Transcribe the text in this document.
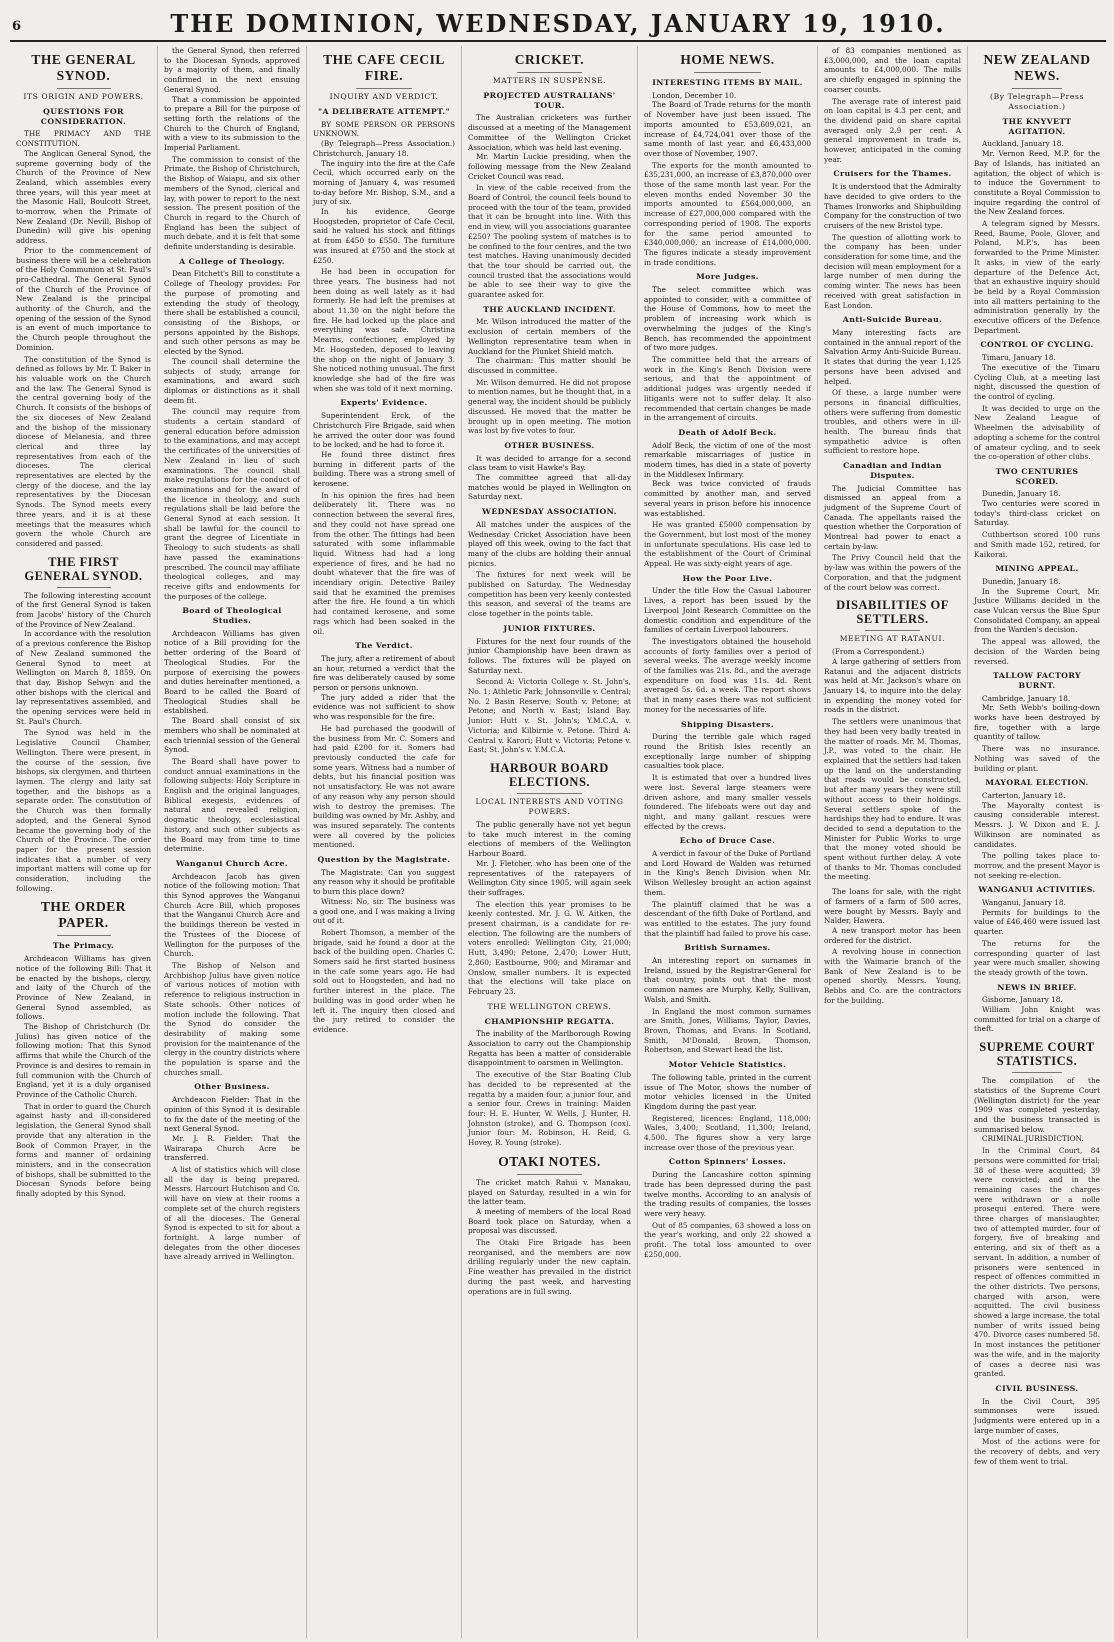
6	THE DOMINION, WEDNESDAY, JANUARY 19, 1910.
THE GENERAL SYNOD.
ITS ORIGIN AND POWERS.
QUESTIONS FOR CONSIDERATION.

THE PRIMACY AND THE CONSTITUTION.

The Anglican General Synod, the supreme governing body of the Church of the Province of New Zealand, which assembles every three years, will this year meet at the Masonic Hall, Boulcott Street, to-morrow, when the Primate of New Zealand (Dr. Nevill, Bishop of Dunedin) will give his opening address.

Prior to the commencement of business there will be a celebration of the Holy Communion at St. Paul's pro-Cathedral. The General Synod of the Church of the Province of New Zealand is the principal authority of the Church, and the opening of the session of the Synod is an event of much importance to the Church people throughout the Dominion.

The constitution of the Synod is defined as follows by Mr. T. Baker in his valuable work on the Church and the law. The General Synod is the central governing body of the Church. It consists of the bishops of the six dioceses of New Zealand and the bishop of the missionary diocese of Melanesia, and three clerical and three lay representatives from each of the dioceses. The clerical representatives are elected by the clergy of the diocese, and the lay representatives by the Diocesan Synods. The Synod meets every three years, and it is at these meetings that the measures which govern the whole Church are considered and passed.

THE FIRST GENERAL SYNOD.

The following interesting account of the first General Synod is taken from Jacobs' history of the Church of the Province of New Zealand.

In accordance with the resolution of a previous conference the Bishop of New Zealand summoned the General Synod to meet at Wellington on March 8, 1859. On that day, Bishop Selwyn and the other bishops with the clerical and lay representatives assembled, and the opening services were held in St. Paul's Church.

The Synod was held in the Legislative Council Chamber, Wellington. There were present, in the course of the session, five bishops, six clergymen, and thirteen laymen. The clergy and laity sat together, and the bishops as a separate order. The constitution of the Church was then formally adopted, and the General Synod became the governing body of the Church of the Province. The order paper for the present session indicates that a number of very important matters will come up for consideration, including the following.

THE ORDER PAPER.
The Primacy.

Archdeacon Williams has given notice of the following Bill: That it be enacted by the bishops, clergy, and laity of the Church of the Province of New Zealand, in General Synod assembled, as follows.

The Bishop of Christchurch (Dr. Julius) has given notice of the following motion: That this Synod affirms that while the Church of the Province is and desires to remain in full communion with the Church of England, yet it is a duly organised Province of the Catholic Church.

That in order to guard the Church against hasty and ill-considered legislation, the General Synod shall provide that any alteration in the Book of Common Prayer, in the forms and manner of ordaining ministers, and in the consecration of bishops, shall be submitted to the Diocesan Synods before being finally adopted by this Synod.

the General Synod, then referred to the Diocesan Synods, approved by a majority of them, and finally confirmed in the next ensuing General Synod.

That a commission be appointed to prepare a Bill for the purpose of setting forth the relations of the Church to the Church of England, with a view to its submission to the Imperial Parliament.

The commission to consist of the Primate, the Bishop of Christchurch, the Bishop of Waiapu, and six other members of the Synod, clerical and lay, with power to report to the next session. The present position of the Church in regard to the Church of England has been the subject of much debate, and it is felt that some definite understanding is desirable.

A College of Theology.

Dean Fitchett's Bill to constitute a College of Theology provides: For the purpose of promoting and extending the study of theology, there shall be established a council, consisting of the Bishops, or persons appointed by the Bishops, and such other persons as may be elected by the Synod.

The council shall determine the subjects of study, arrange for examinations, and award such diplomas or distinctions as it shall deem fit.

The council may require from students a certain standard of general education before admission to the examinations, and may accept the certificates of the universities of New Zealand in lieu of such examinations. The council shall make regulations for the conduct of examinations and for the award of the licence in theology, and such regulations shall be laid before the General Synod at each session. It shall be lawful for the council to grant the degree of Licentiate in Theology to such students as shall have passed the examinations prescribed. The council may affiliate theological colleges, and may receive gifts and endowments for the purposes of the college.

Board of Theological Studies.

Archdeacon Williams has given notice of a Bill providing for the better ordering of the Board of Theological Studies. For the purpose of exercising the powers and duties hereinafter mentioned, a Board to be called the Board of Theological Studies shall be established.

The Board shall consist of six members who shall be nominated at each triennial session of the General Synod.

The Board shall have power to conduct annual examinations in the following subjects: Holy Scripture in English and the original languages, Biblical exegesis, evidences of natural and revealed religion, dogmatic theology, ecclesiastical history, and such other subjects as the Board may from time to time determine.

Wanganui Church Acre.

Archdeacon Jacob has given notice of the following motion: That this Synod approves the Wanganui Church Acre Bill, which proposes that the Wanganui Church Acre and the buildings thereon be vested in the Trustees of the Diocese of Wellington for the purposes of the Church.

The Bishop of Nelson and Archbishop Julius have given notice of various notices of motion with reference to religious instruction in State schools. Other notices of motion include the following. That the Synod do consider the desirability of making some provision for the maintenance of the clergy in the country districts where the population is sparse and the churches small.

Other Business.

Archdeacon Fielder: That in the opinion of this Synod it is desirable to fix the date of the meeting of the next General Synod.

Mr. J. R. Fielder: That the Wairarapa Church Acre be transferred.

A list of statistics which will close all the day is being prepared. Messrs. Harcourt Hutchison and Co. will have on view at their rooms a complete set of the church registers of all the dioceses. The General Synod is expected to sit for about a fortnight. A large number of delegates from the other dioceses have already arrived in Wellington.

THE CAFE CECIL FIRE.
INQUIRY AND VERDICT.
"A DELIBERATE ATTEMPT."

BY SOME PERSON OR PERSONS UNKNOWN.

(By Telegraph—Press Association.) Christchurch, January 18.

The inquiry into the fire at the Cafe Cecil, which occurred early on the morning of January 4, was resumed to-day before Mr. Bishop, S.M., and a jury of six.

In his evidence, George Hoogsteden, proprietor of Cafe Cecil, said he valued his stock and fittings at from £450 to £550. The furniture was insured at £750 and the stock at £250.

He had been in occupation for three years. The business had not been doing as well lately as it had formerly. He had left the premises at about 11.30 on the night before the fire. He had locked up the place and everything was safe. Christina Mearns, confectioner, employed by Mr. Hoogsteden, deposed to leaving the shop on the night of January 3. She noticed nothing unusual. The first knowledge she had of the fire was when she was told of it next morning.

Experts' Evidence.

Superintendent Erck, of the Christchurch Fire Brigade, said when he arrived the outer door was found to be locked, and he had to force it.

He found three distinct fires burning in different parts of the building. There was a strong smell of kerosene.

In his opinion the fires had been deliberately lit. There was no connection between the several fires, and they could not have spread one from the other. The fittings had been saturated with some inflammable liquid. Witness had had a long experience of fires, and he had no doubt whatever that the fire was of incendiary origin. Detective Bailey said that he examined the premises after the fire. He found a tin which had contained kerosene, and some rags which had been soaked in the oil.

The Verdict.

The jury, after a retirement of about an hour, returned a verdict that the fire was deliberately caused by some person or persons unknown.

The jury added a rider that the evidence was not sufficient to show who was responsible for the fire.

He had purchased the goodwill of the business from Mr. C. Somers and had paid £200 for it. Somers had previously conducted the cafe for some years. Witness had a number of debts, but his financial position was not unsatisfactory. He was not aware of any reason why any person should wish to destroy the premises. The building was owned by Mr. Ashby, and was insured separately. The contents were all covered by the policies mentioned.

Question by the Magistrate.

The Magistrate: Can you suggest any reason why it should be profitable to burn this place down?

Witness: No, sir. The business was a good one, and I was making a living out of it.

Robert Thomson, a member of the brigade, said he found a door at the back of the building open. Charles C. Somers said he first started business in the cafe some years ago. He had sold out to Hoogsteden, and had no further interest in the place. The building was in good order when he left it. The inquiry then closed and the jury retired to consider the evidence.

CRICKET.
MATTERS IN SUSPENSE.
PROJECTED AUSTRALIANS' TOUR.

The Australian cricketers was further discussed at a meeting of the Management Committee of the Wellington Cricket Association, which was held last evening.

Mr. Martin Luckie presiding, when the following message from the New Zealand Cricket Council was read.

In view of the cable received from the Board of Control, the council feels bound to proceed with the tour of the team, provided that it can be brought into line. With this end in view, will you associations guarantee £250? The pooling system of matches is to be confined to the four centres, and the two test matches. Having unanimously decided that the tour should be carried out, the council trusted that the associations would be able to see their way to give the guarantee asked for.

THE AUCKLAND INCIDENT.

Mr. Wilson introduced the matter of the exclusion of certain members of the Wellington representative team when in Auckland for the Plunket Shield match.

The chairman: This matter should be discussed in committee.

Mr. Wilson demurred. He did not propose to mention names, but he thought that, in a general way, the incident should be publicly discussed. He moved that the matter be brought up in open meeting. The motion was lost by five votes to four.

OTHER BUSINESS.

It was decided to arrange for a second class team to visit Hawke's Bay.

The committee agreed that all-day matches would be played in Wellington on Saturday next.

WEDNESDAY ASSOCIATION.

All matches under the auspices of the Wednesday Cricket Association have been played off this week, owing to the fact that many of the clubs are holding their annual picnics.

The fixtures for next week will be published on Saturday. The Wednesday competition has been very keenly contested this season, and several of the teams are close together in the points table.

JUNIOR FIXTURES.

Fixtures for the next four rounds of the junior Championship have been drawn as follows. The fixtures will be played on Saturday next.

Second A: Victoria College v. St. John's, No. 1; Athletic Park; Johnsonville v. Central; No. 2 Basin Reserve; South v. Petone; at Petone; and North v. East; Island Bay. Junior: Hutt v. St. John's; Y.M.C.A. v. Victoria; and Kilbirnie v. Petone. Third A: Central v. Karori; Hutt v. Victoria; Petone v. East; St. John's v. Y.M.C.A.

HARBOUR BOARD ELECTIONS.
LOCAL INTERESTS AND VOTING POWERS.

The public generally have not yet begun to take much interest in the coming elections of members of the Wellington Harbour Board.

Mr. J. Fletcher, who has been one of the representatives of the ratepayers of Wellington City since 1905, will again seek their suffrages.

The election this year promises to be keenly contested. Mr. J. G. W. Aitken, the present chairman, is a candidate for re-election. The following are the numbers of voters enrolled: Wellington City, 21,000; Hutt, 3,490; Petone, 2,470; Lower Hutt, 2,860; Eastbourne, 900; and Miramar and Onslow, smaller numbers. It is expected that the elections will take place on February 23.

THE WELLINGTON CREWS.
CHAMPIONSHIP REGATTA.

The inability of the Marlborough Rowing Association to carry out the Championship Regatta has been a matter of considerable disappointment to oarsmen in Wellington.

The executive of the Star Boating Club has decided to be represented at the regatta by a maiden four, a junior four, and a senior four. Crews in training: Maiden four: H. E. Hunter, W. Wells, J. Hunter, H. Johnston (stroke), and G. Thompson (cox). Junior four: M. Robinson, H. Reid, G. Hovey, R. Young (stroke).

OTAKI NOTES.

The cricket match Rahui v. Manakau, played on Saturday, resulted in a win for the latter team.

A meeting of members of the local Road Board took place on Saturday, when a proposal was discussed.

The Otaki Fire Brigade has been reorganised, and the members are now drilling regularly under the new captain. Fine weather has prevailed in the district during the past week, and harvesting operations are in full swing.

HOME NEWS.
INTERESTING ITEMS BY MAIL.

London, December 10.

The Board of Trade returns for the month of November have just been issued. The imports amounted to £53,609,021, an increase of £4,724,041 over those of the same month of last year, and £6,433,000 over those of November, 1907.

The exports for the month amounted to £35,231,000, an increase of £3,870,000 over those of the same month last year. For the eleven months ended November 30 the imports amounted to £564,000,000, an increase of £27,000,000 compared with the corresponding period of 1908. The exports for the same period amounted to £340,000,000, an increase of £14,000,000. The figures indicate a steady improvement in trade conditions.

More Judges.

The select committee which was appointed to consider, with a committee of the House of Commons, how to meet the problem of increasing work which is overwhelming the judges of the King's Bench, has recommended the appointment of two more judges.

The committee held that the arrears of work in the King's Bench Division were serious, and that the appointment of additional judges was urgently needed if litigants were not to suffer delay. It also recommended that certain changes be made in the arrangement of circuits.

Death of Adolf Beck.

Adolf Beck, the victim of one of the most remarkable miscarriages of justice in modern times, has died in a state of poverty in the Middlesex Infirmary.

Beck was twice convicted of frauds committed by another man, and served several years in prison before his innocence was established.

He was granted £5000 compensation by the Government, but lost most of the money in unfortunate speculations. His case led to the establishment of the Court of Criminal Appeal. He was sixty-eight years of age.

How the Poor Live.

Under the title How the Casual Labourer Lives, a report has been issued by the Liverpool Joint Research Committee on the domestic condition and expenditure of the families of certain Liverpool labourers.

The investigators obtained the household accounts of forty families over a period of several weeks. The average weekly income of the families was 21s. 8d., and the average expenditure on food was 11s. 4d. Rent averaged 5s. 6d. a week. The report shows that in many cases there was not sufficient money for the necessaries of life.

Shipping Disasters.

During the terrible gale which raged round the British Isles recently an exceptionally large number of shipping casualties took place.

It is estimated that over a hundred lives were lost. Several large steamers were driven ashore, and many smaller vessels foundered. The lifeboats were out day and night, and many gallant rescues were effected by the crews.

Echo of Druce Case.

A verdict in favour of the Duke of Portland and Lord Howard de Walden was returned in the King's Bench Division when Mr. Wilson Wellesley brought an action against them.

The plaintiff claimed that he was a descendant of the fifth Duke of Portland, and was entitled to the estates. The jury found that the plaintiff had failed to prove his case.

British Surnames.

An interesting report on surnames in Ireland, issued by the Registrar-General for that country, points out that the most common names are Murphy, Kelly, Sullivan, Walsh, and Smith.

In England the most common surnames are Smith, Jones, Williams, Taylor, Davies, Brown, Thomas, and Evans. In Scotland, Smith, M'Donald, Brown, Thomson, Robertson, and Stewart head the list.

Motor Vehicle Statistics.

The following table, printed in the current issue of The Motor, shows the number of motor vehicles licensed in the United Kingdom during the past year.

Registered, licences: England, 118,000; Wales, 3,400; Scotland, 11,300; Ireland, 4,500. The figures show a very large increase over those of the previous year.

Cotton Spinners' Losses.

During the Lancashire cotton spinning trade has been depressed during the past twelve months. According to an analysis of the trading results of companies, the losses were very heavy.

Out of 85 companies, 63 showed a loss on the year's working, and only 22 showed a profit. The total loss amounted to over £250,000.

of 83 companies mentioned as £3,000,000, and the loan capital amounts to £4,000,000. The mills are chiefly engaged in spinning the coarser counts.

The average rate of interest paid on loan capital is 4.3 per cent, and the dividend paid on share capital averaged only 2.9 per cent. A general improvement in trade is, however, anticipated in the coming year.

Cruisers for the Thames.

It is understood that the Admiralty have decided to give orders to the Thames Ironworks and Shipbuilding Company for the construction of two cruisers of the new Bristol type.

The question of allotting work to the company has been under consideration for some time, and the decision will mean employment for a large number of men during the coming winter. The news has been received with great satisfaction in East London.

Anti-Suicide Bureau.

Many interesting facts are contained in the annual report of the Salvation Army Anti-Suicide Bureau. It states that during the year 1,125 persons have been advised and helped.

Of these, a large number were persons in financial difficulties, others were suffering from domestic troubles, and others were in ill-health. The bureau finds that sympathetic advice is often sufficient to restore hope.

Canadian and Indian Disputes.

The Judicial Committee has dismissed an appeal from a judgment of the Supreme Court of Canada. The appellants raised the question whether the Corporation of Montreal had power to enact a certain by-law.

The Privy Council held that the by-law was within the powers of the Corporation, and that the judgment of the court below was correct.

DISABILITIES OF SETTLERS.
MEETING AT RATANUI.

(From a Correspondent.)

A large gathering of settlers from Ratanui and the adjacent districts was held at Mr. Jackson's whare on January 14, to inquire into the delay in expending the money voted for roads in the district.

The settlers were unanimous that they had been very badly treated in the matter of roads. Mr. M. Thomas, J.P., was voted to the chair. He explained that the settlers had taken up the land on the understanding that roads would be constructed, but after many years they were still without access to their holdings. Several settlers spoke of the hardships they had to endure. It was decided to send a deputation to the Minister for Public Works to urge that the money voted should be spent without further delay. A vote of thanks to Mr. Thomas concluded the meeting.

The loans for sale, with the right of farmers of a farm of 500 acres, were bought by Messrs. Bayly and Nalder, Hawera.

A new transport motor has been ordered for the district.

A revolving house in connection with the Waimarie branch of the Bank of New Zealand is to be opened shortly. Messrs. Young, Bebbs and Co. are the contractors for the building.

NEW ZEALAND NEWS.
(By Telegraph—Press Association.)
THE KNYVETT AGITATION.

Auckland, January 18.

Mr. Vernon Reed, M.P. for the Bay of Islands, has initiated an agitation, the object of which is to induce the Government to constitute a Royal Commission to inquire regarding the control of the New Zealand forces.

A telegram signed by Messrs. Reed, Baume, Poole, Glover, and Poland, M.P.'s, has been forwarded to the Prime Minister. It asks, in view of the early departure of the Defence Act, that an exhaustive inquiry should be held by a Royal Commission into all matters pertaining to the administration generally by the executive officers of the Defence Department.

CONTROL OF CYCLING.

Timaru, January 18.

The executive of the Timaru Cycling Club, at a meeting last night, discussed the question of the control of cycling.

It was decided to urge on the New Zealand League of Wheelmen the advisability of adopting a scheme for the control of amateur cycling, and to seek the co-operation of other clubs.

TWO CENTURIES SCORED.

Dunedin, January 18.

Two centuries were scored in today's third-class cricket on Saturday.

Cuthbertson scored 100 runs and Smith made 152, retired, for Kaikorai.

MINING APPEAL.

Dunedin, January 18.

In the Supreme Court, Mr. Justice Williams decided in the case Vulcan versus the Blue Spur Consolidated Company, an appeal from the Warden's decision.

The appeal was allowed, the decision of the Warden being reversed.

TALLOW FACTORY BURNT.

Cambridge, January 18.

Mr. Seth Webb's boiling-down works have been destroyed by fire, together with a large quantity of tallow.

There was no insurance. Nothing was saved of the building or plant.

MAYORAL ELECTION.

Carterton, January 18.

The Mayoralty contest is causing considerable interest. Messrs. J. W. Dixon and E. J. Wilkinson are nominated as candidates.

The polling takes place to-morrow, and the present Mayor is not seeking re-election.

WANGANUI ACTIVITIES.

Wanganui, January 18.

Permits for buildings to the value of £46,460 were issued last quarter.

The returns for the corresponding quarter of last year were much smaller, showing the steady growth of the town.

NEWS IN BRIEF.

Gisborne, January 18.

William John Knight was committed for trial on a charge of theft.

SUPREME COURT STATISTICS.

The compilation of the statistics of the Supreme Court (Wellington district) for the year 1909 was completed yesterday, and the business transacted is summarised below.

CRIMINAL JURISDICTION.

In the Criminal Court, 84 persons were committed for trial; 38 of these were acquitted; 39 were convicted; and in the remaining cases the charges were withdrawn or a nolle prosequi entered. There were three charges of manslaughter, two of attempted murder, four of forgery, five of breaking and entering, and six of theft as a servant. In addition, a number of prisoners were sentenced in respect of offences committed in the other districts. Two persons, charged with arson, were acquitted. The civil business showed a large increase, the total number of writs issued being 470. Divorce cases numbered 58. In most instances the petitioner was the wife, and in the majority of cases a decree nisi was granted.

CIVIL BUSINESS.

In the Civil Court, 395 summonses were issued. Judgments were entered up in a large number of cases.

Most of the actions were for the recovery of debts, and very few of them went to trial.
